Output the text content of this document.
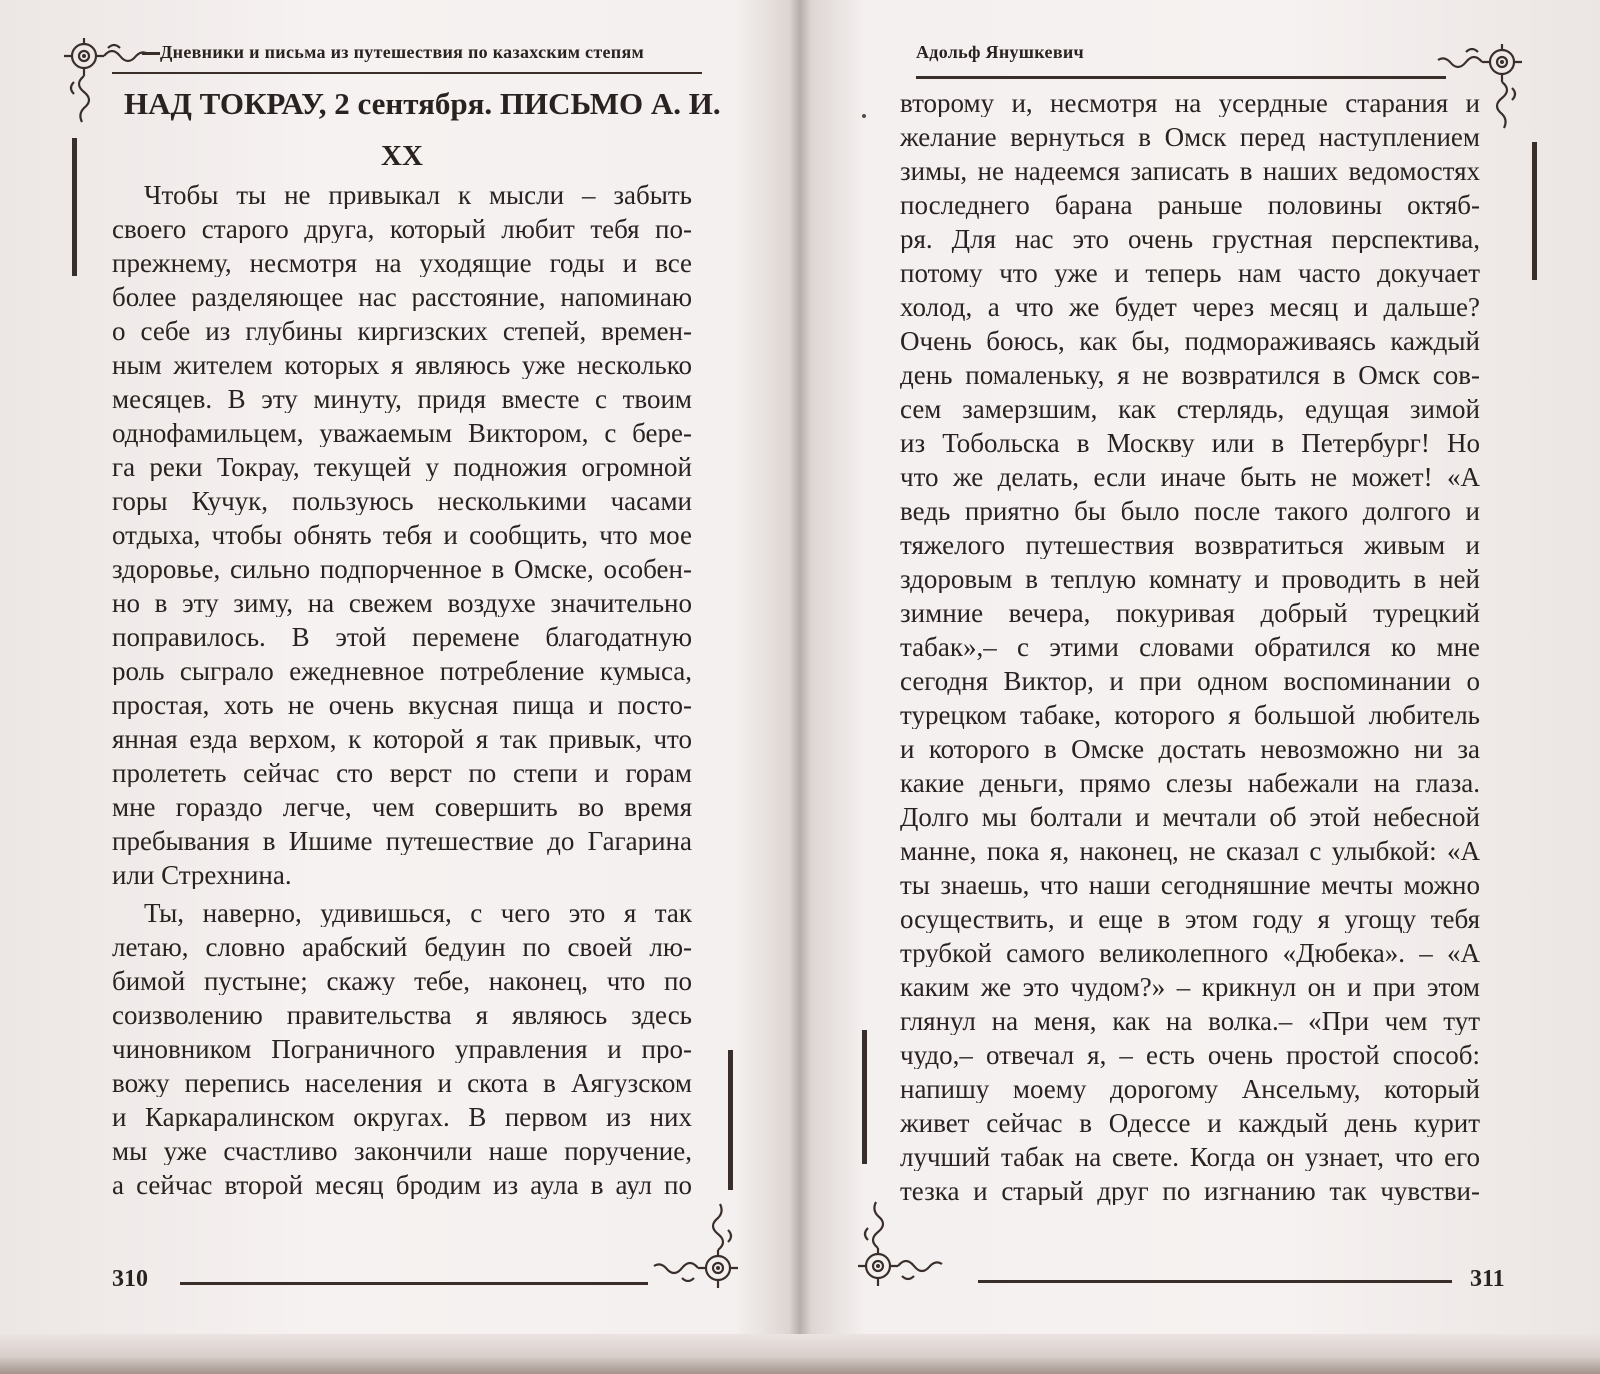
Дневники и письма из путешествия по казахским степям
310
НАД ТОКРАУ, 2 сентября. ПИСЬМО А. И.
XX
Чтобы ты не привыкал к мысли – забыть
своего старого друга, который любит тебя по-
прежнему, несмотря на уходящие годы и все
более разделяющее нас расстояние, напоминаю
о себе из глубины киргизских степей, времен-
ным жителем которых я являюсь уже несколько
месяцев. В эту минуту, придя вместе с твоим
однофамильцем, уважаемым Виктором, с бере-
га реки Токрау, текущей у подножия огромной
горы Кучук, пользуюсь несколькими часами
отдыха, чтобы обнять тебя и сообщить, что мое
здоровье, сильно подпорченное в Омске, особен-
но в эту зиму, на свежем воздухе значительно
поправилось. В этой перемене благодатную
роль сыграло ежедневное потребление кумыса,
простая, хоть не очень вкусная пища и посто-
янная езда верхом, к которой я так привык, что
пролететь сейчас сто верст по степи и горам
мне гораздо легче, чем совершить во время
пребывания в Ишиме путешествие до Гагарина
или Стрехнина.
Ты, наверно, удивишься, с чего это я так
летаю, словно арабский бедуин по своей лю-
бимой пустыне; скажу тебе, наконец, что по
соизволению правительства я являюсь здесь
чиновником Пограничного управления и про-
вожу перепись населения и скота в Аягузском
и Каркаралинском округах. В первом из них
мы уже счастливо закончили наше поручение,
а сейчас второй месяц бродим из аула в аул по
Адольф Янушкевич
311
второму и, несмотря на усердные старания и
желание вернуться в Омск перед наступлением
зимы, не надеемся записать в наших ведомостях
последнего барана раньше половины октяб-
ря. Для нас это очень грустная перспектива,
потому что уже и теперь нам часто докучает
холод, а что же будет через месяц и дальше?
Очень боюсь, как бы, подмораживаясь каждый
день помаленьку, я не возвратился в Омск сов-
сем замерзшим, как стерлядь, едущая зимой
из Тобольска в Москву или в Петербург! Но
что же делать, если иначе быть не может! «А
ведь приятно бы было после такого долгого и
тяжелого путешествия возвратиться живым и
здоровым в теплую комнату и проводить в ней
зимние вечера, покуривая добрый турецкий
табак»,– с этими словами обратился ко мне
сегодня Виктор, и при одном воспоминании о
турецком табаке, которого я большой любитель
и которого в Омске достать невозможно ни за
какие деньги, прямо слезы набежали на глаза.
Долго мы болтали и мечтали об этой небесной
манне, пока я, наконец, не сказал с улыбкой: «А
ты знаешь, что наши сегодняшние мечты можно
осуществить, и еще в этом году я угощу тебя
трубкой самого великолепного «Дюбека». – «А
каким же это чудом?» – крикнул он и при этом
глянул на меня, как на волка.– «При чем тут
чудо,– отвечал я, – есть очень простой способ:
напишу моему дорогому Ансельму, который
живет сейчас в Одессе и каждый день курит
лучший табак на свете. Когда он узнает, что его
тезка и старый друг по изгнанию так чувстви-
